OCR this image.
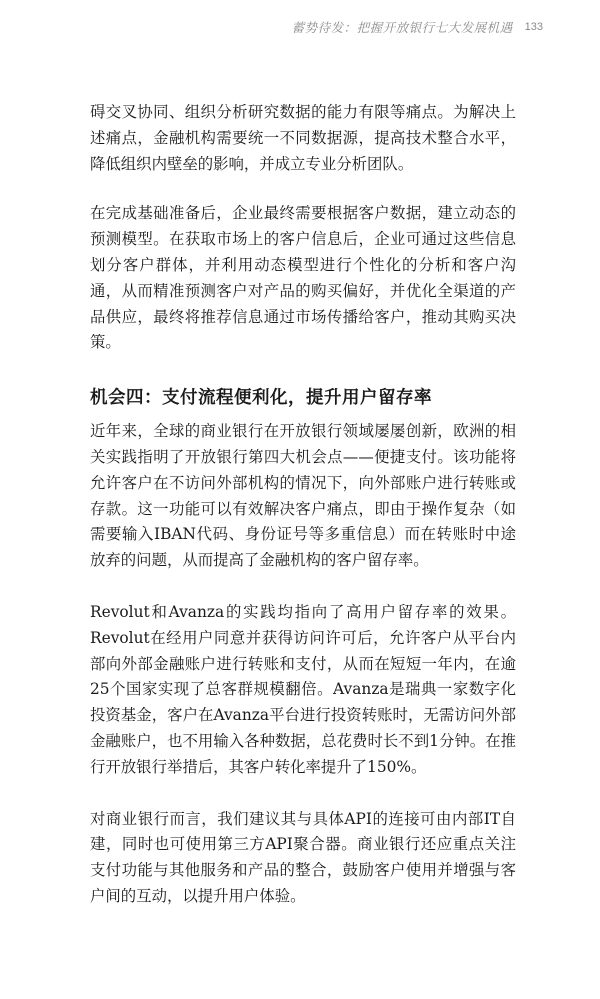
蓄势待发：把握开放银行七大发展机遇 133

碍交叉协同、组织分析研究数据的能力有限等痛点。为解决上述痛点，金融机构需要统一不同数据源，提高技术整合水平，降低组织内壁垒的影响，并成立专业分析团队。

在完成基础准备后，企业最终需要根据客户数据，建立动态的预测模型。在获取市场上的客户信息后，企业可通过这些信息划分客户群体，并利用动态模型进行个性化的分析和客户沟通，从而精准预测客户对产品的购买偏好，并优化全渠道的产品供应，最终将推荐信息通过市场传播给客户，推动其购买决策。

机会四：支付流程便利化，提升用户留存率

近年来，全球的商业银行在开放银行领域屡屡创新，欧洲的相关实践指明了开放银行第四大机会点——便捷支付。该功能将允许客户在不访问外部机构的情况下，向外部账户进行转账或存款。这一功能可以有效解决客户痛点，即由于操作复杂（如需要输入IBAN代码、身份证号等多重信息）而在转账时中途放弃的问题，从而提高了金融机构的客户留存率。

Revolut和Avanza的实践均指向了高用户留存率的效果。Revolut在经用户同意并获得访问许可后，允许客户从平台内部向外部金融账户进行转账和支付，从而在短短一年内，在逾25个国家实现了总客群规模翻倍。Avanza是瑞典一家数字化投资基金，客户在Avanza平台进行投资转账时，无需访问外部金融账户，也不用输入各种数据，总花费时长不到1分钟。在推行开放银行举措后，其客户转化率提升了150%。

对商业银行而言，我们建议其与具体API的连接可由内部IT自建，同时也可使用第三方API聚合器。商业银行还应重点关注支付功能与其他服务和产品的整合，鼓励客户使用并增强与客户间的互动，以提升用户体验。
